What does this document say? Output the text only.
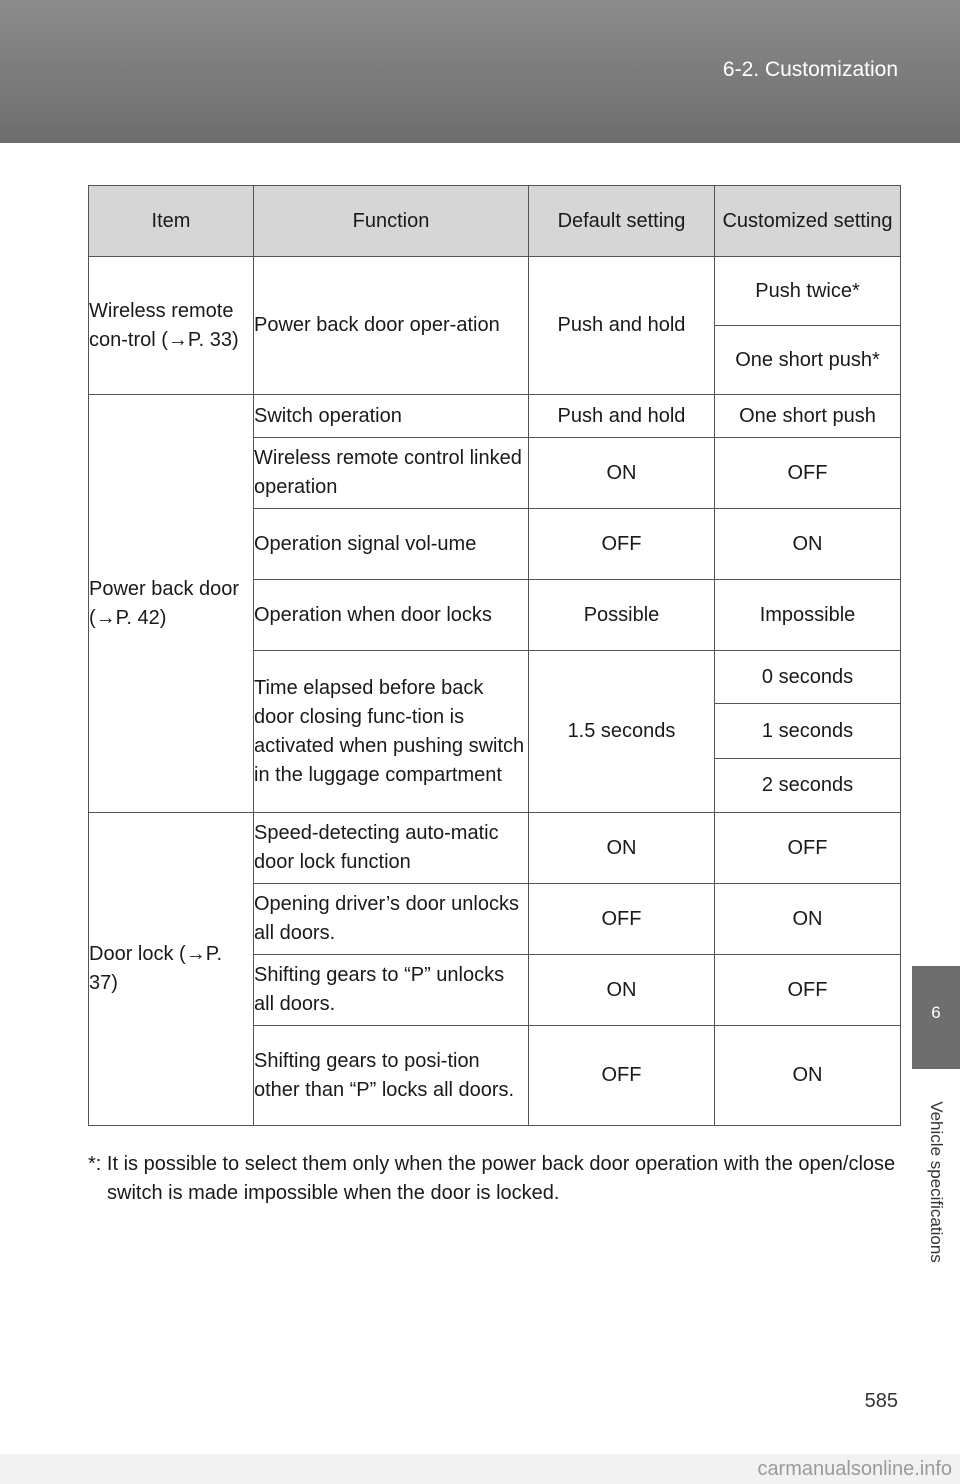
6-2. Customization
Item	Function	Default setting	Customized setting
Wireless remote con-trol (→P. 33)	Power back door oper-ation	Push and hold	Push twice*
			One short push*
Power back door (→P. 42)	Switch operation	Push and hold	One short push
	Wireless remote control linked operation	ON	OFF
	Operation signal vol-ume	OFF	ON
	Operation when door locks	Possible	Impossible
	Time elapsed before back door closing func-tion is activated when pushing switch in the luggage compartment	1.5 seconds	0 seconds
			1 seconds
			2 seconds
Door lock (→P. 37)	Speed-detecting auto-matic door lock function	ON	OFF
	Opening driver’s door unlocks all doors.	OFF	ON
	Shifting gears to “P” unlocks all doors.	ON	OFF
	Shifting gears to posi-tion other than “P” locks all doors.	OFF	ON
*: It is possible to select them only when the power back door operation with the open/close switch is made impossible when the door is locked.
6
Vehicle specifications
585
carmanualsonline.info
